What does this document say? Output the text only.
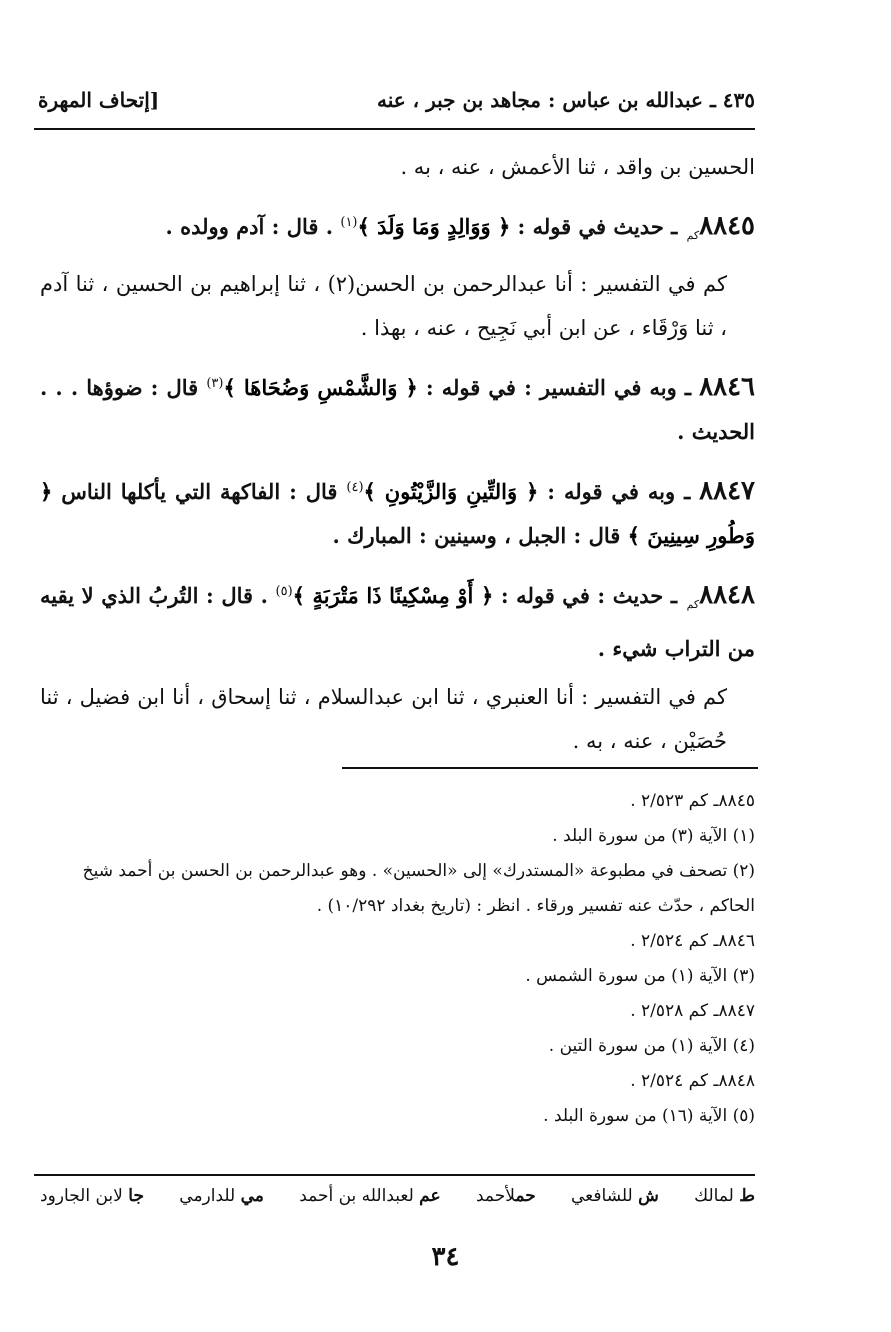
٤٣٥ ـ عبدالله بن عباس : مجاهد بن جبر ، عنه
[إتحاف المهرة

الحسين بن واقد ، ثنا الأعمش ، عنه ، به .

$٨٨٤٥_{كم}$ ـ حديث في قوله : ﴿ وَوَالِدٍ وَمَا وَلَدَ ﴾$^{(١)}$ . قال : آدم وولده .

كم في التفسير : أنا عبدالرحمن بن الحسن(٢) ، ثنا إبراهيم بن الحسين ، ثنا آدم ، ثنا وَرْقَاء ، عن ابن أبي نَجِيح ، عنه ، بهذا .

٨٨٤٦ ـ وبه في التفسير : في قوله : ﴿ وَالشَّمْسِ وَضُحَاهَا ﴾$^{(٣)}$ قال : ضوؤها . . . الحديث .

٨٨٤٧ ـ وبه في قوله : ﴿ وَالتِّينِ وَالزَّيْتُونِ ﴾$^{(٤)}$ قال : الفاكهة التي يأكلها الناس ﴿ وَطُورِ سِينِينَ ﴾ قال : الجبل ، وسينين : المبارك .

$٨٨٤٨_{كم}$ ـ حديث : في قوله : ﴿ أَوْ مِسْكِينًا ذَا مَتْرَبَةٍ ﴾$^{(٥)}$ . قال : التُربُ الذي لا يقيه من التراب شيء .

كم في التفسير : أنا العنبري ، ثنا ابن عبدالسلام ، ثنا إسحاق ، أنا ابن فضيل ، ثنا حُصَيْن ، عنه ، به .

٨٨٤٥ـ كم ٢/٥٢٣ .

(١) الآية (٣) من سورة البلد .

(٢) تصحف في مطبوعة «المستدرك» إلى «الحسين» . وهو عبدالرحمن بن الحسن بن أحمد شيخ الحاكم ، حدّث عنه تفسير ورقاء . انظر : (تاريخ بغداد ١٠/٢٩٢) .

٨٨٤٦ـ كم ٢/٥٢٤ .

(٣) الآية (١) من سورة الشمس .

٨٨٤٧ـ كم ٢/٥٢٨ .

(٤) الآية (١) من سورة التين .

٨٨٤٨ـ كم ٢/٥٢٤ .

(٥) الآية (١٦) من سورة البلد .

ط لمالك
ش للشافعي
حملأحمد
عم لعبدالله بن أحمد
مي للدارمي
جا لابن الجارود
٣٤
